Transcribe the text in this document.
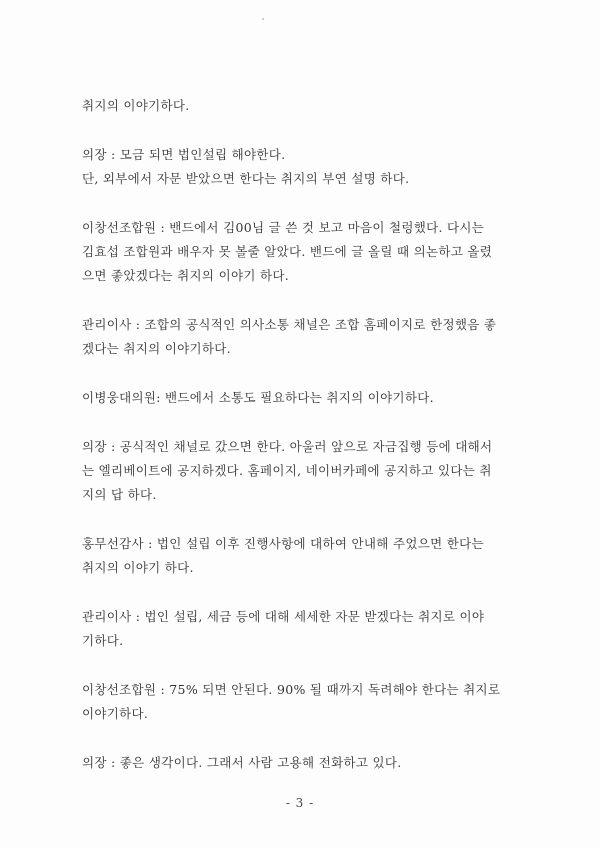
취지의 이야기하다.

의장 : 모금 되면 법인설립 해야한다.
단, 외부에서 자문 받았으면 한다는 취지의 부연 설명 하다.

이창선조합원 : 밴드에서 김00님 글 쓴 것 보고 마음이 철렁했다. 다시는
김효섭 조합원과 배우자 못 볼줄 알았다. 밴드에 글 올릴 때 의논하고 올렸
으면 좋았겠다는 취지의 이야기 하다.

관리이사 : 조합의 공식적인 의사소통 채널은 조합 홈페이지로 한정했음 좋
겠다는 취지의 이야기하다.

이병웅대의원: 밴드에서 소통도 필요하다는 취지의 이야기하다.

의장 : 공식적인 채널로 갔으면 한다. 아울러 앞으로 자금집행 등에 대해서
는 엘리베이트에 공지하겠다. 홈페이지, 네이버카페에 공지하고 있다는 취
지의 답 하다.

홍무선감사 : 법인 설립 이후 진행사항에 대하여 안내해 주었으면 한다는
취지의 이야기 하다.

관리이사 : 법인 설립, 세금 등에 대해 세세한 자문 받겠다는 취지로 이야
기하다.

이창선조합원 : 75% 되면 안된다. 90% 될 때까지 독려해야 한다는 취지로
이야기하다.

의장 : 좋은 생각이다. 그래서 사람 고용해 전화하고 있다.

- 3 -
